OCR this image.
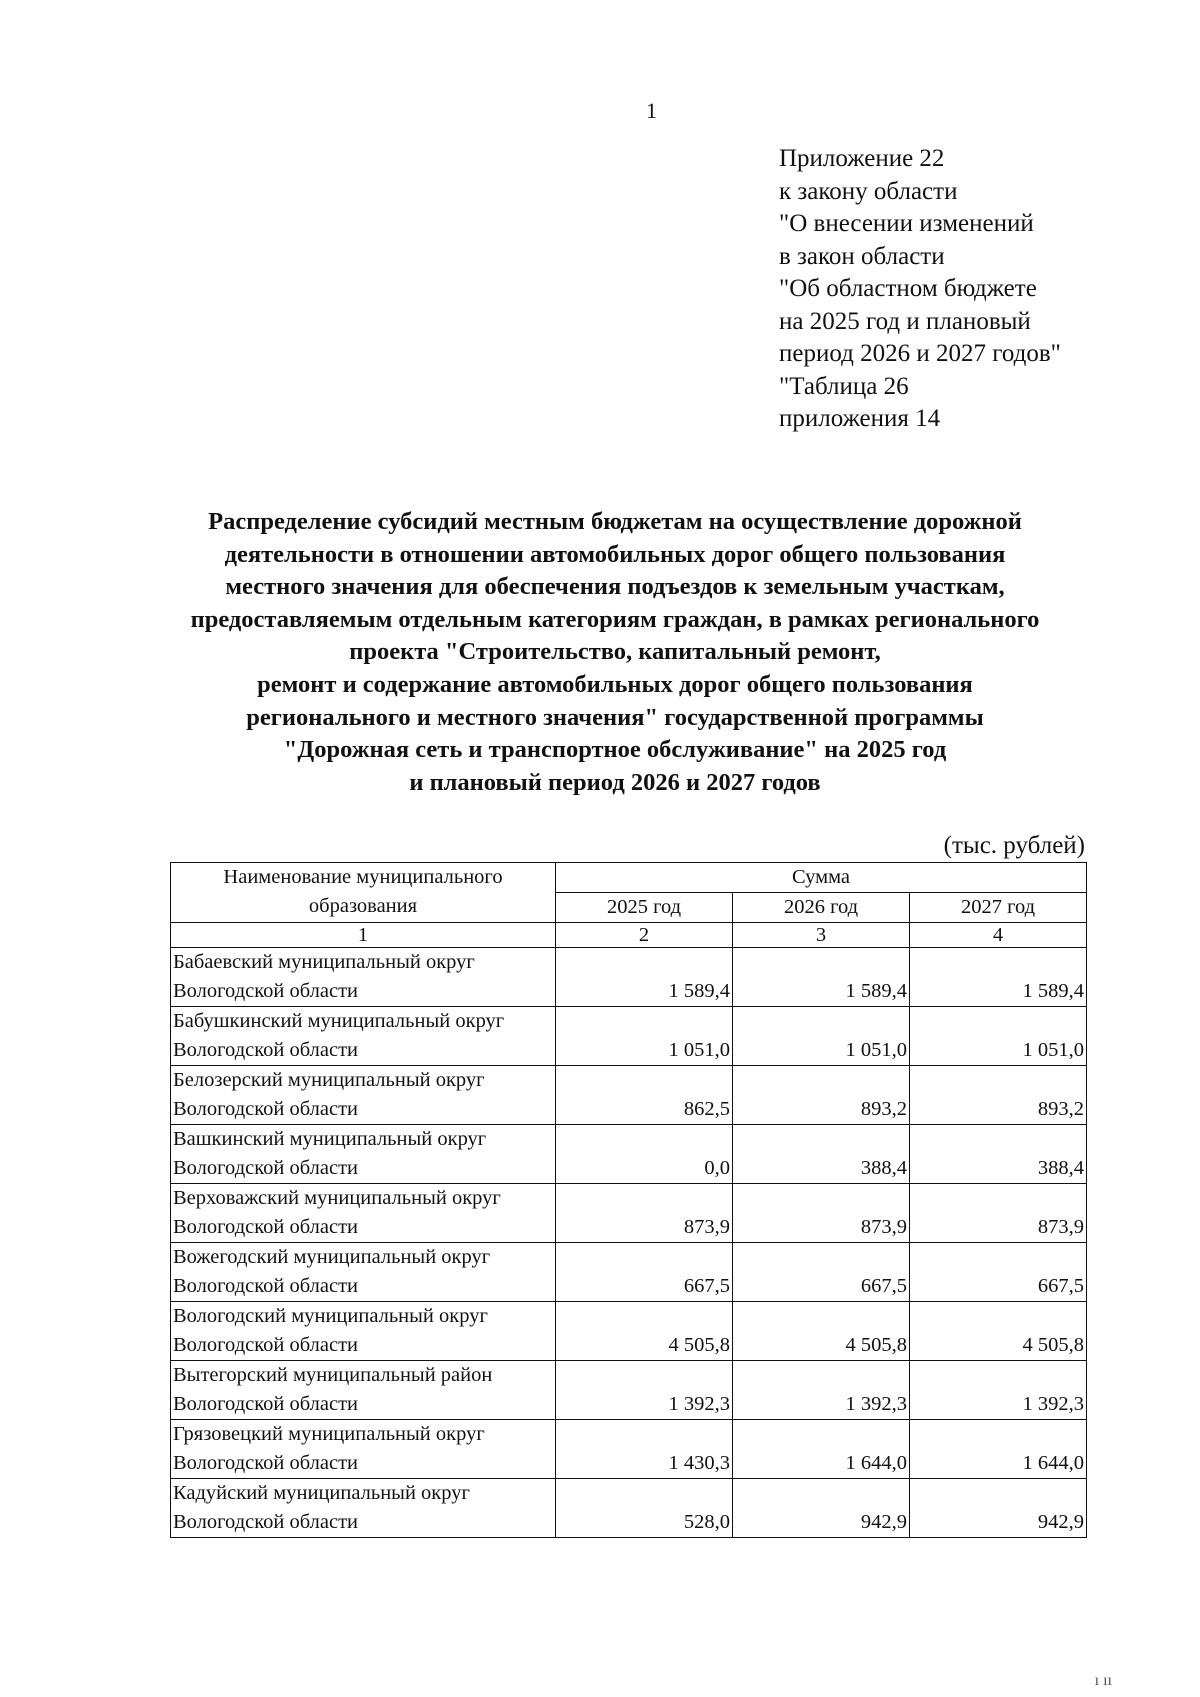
1
Приложение 22
к закону области
"О внесении изменений
в закон области
"Об областном бюджете
на 2025 год и плановый
период 2026 и 2027 годов"
"Таблица 26
приложения 14
Распределение субсидий местным бюджетам на осуществление дорожной
деятельности в отношении автомобильных дорог общего пользования
местного значения для обеспечения подъездов к земельным участкам,
предоставляемым отдельным категориям граждан, в рамках регионального
проекта "Строительство, капитальный ремонт,
ремонт и содержание автомобильных дорог общего пользования
регионального и местного значения" государственной программы
"Дорожная сеть и транспортное обслуживание" на 2025 год
и плановый период 2026 и 2027 годов
(тыс. рублей)
Наименование муниципального
образования	Сумма		
	2025 год	2026 год	2027 год
1	2	3	4

Бабаевский муниципальный округ
Вологодской области	1 589,4	1 589,4	1 589,4

Бабушкинский муниципальный округ
Вологодской области	1 051,0	1 051,0	1 051,0

Белозерский муниципальный округ
Вологодской области	862,5	893,2	893,2

Вашкинский муниципальный округ
Вологодской области	0,0	388,4	388,4

Верховажский муниципальный округ
Вологодской области	873,9	873,9	873,9

Вожегодский муниципальный округ
Вологодской области	667,5	667,5	667,5

Вологодский муниципальный округ
Вологодской области	4 505,8	4 505,8	4 505,8

Вытегорский муниципальный район
Вологодской области	1 392,3	1 392,3	1 392,3

Грязовецкий муниципальный округ
Вологодской области	1 430,3	1 644,0	1 644,0

Кадуйский муниципальный округ
Вологодской области	528,0	942,9	942,9
ı ıı
